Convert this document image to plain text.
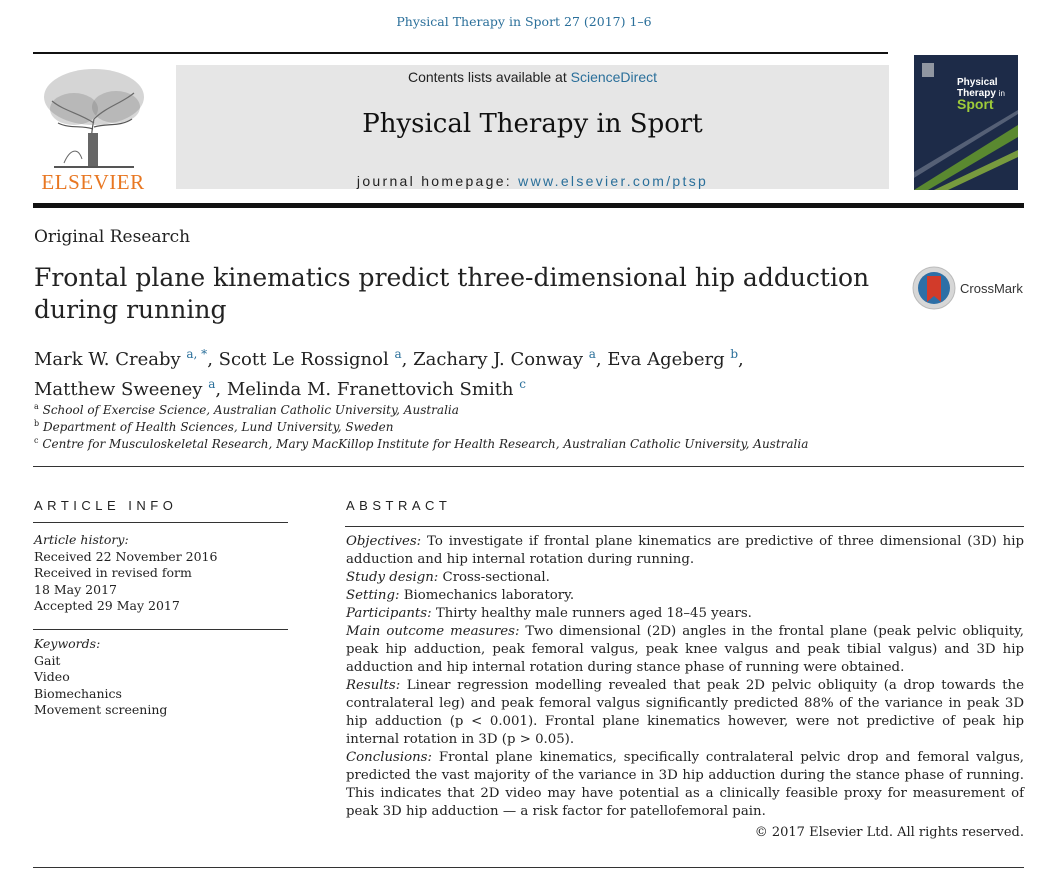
Physical Therapy in Sport 27 (2017) 1–6
ELSEVIER
Contents lists available at ScienceDirect
Physical Therapy in Sport
journal homepage: www.elsevier.com/ptsp
Physical
Therapy in
Sport
Original Research
Frontal plane kinematics predict three-dimensional hip adduction during running
CrossMark
Mark W. Creaby $^{a, *}$, Scott Le Rossignol $^a$, Zachary J. Conway $^a$, Eva Ageberg $^b$,
Matthew Sweeney $^a$, Melinda M. Franettovich Smith $^c$
$^a$ School of Exercise Science, Australian Catholic University, Australia
$^b$ Department of Health Sciences, Lund University, Sweden
$^c$ Centre for Musculoskeletal Research, Mary MacKillop Institute for Health Research, Australian Catholic University, Australia
ARTICLE INFO
Article history:
Received 22 November 2016
Received in revised form
18 May 2017
Accepted 29 May 2017
Keywords:
Gait
Video
Biomechanics
Movement screening
ABSTRACT

Objectives: To investigate if frontal plane kinematics are predictive of three dimensional (3D) hip adduction and hip internal rotation during running.

Study design: Cross-sectional.

Setting: Biomechanics laboratory.

Participants: Thirty healthy male runners aged 18–45 years.

Main outcome measures: Two dimensional (2D) angles in the frontal plane (peak pelvic obliquity, peak hip adduction, peak femoral valgus, peak knee valgus and peak tibial valgus) and 3D hip adduction and hip internal rotation during stance phase of running were obtained.

Results: Linear regression modelling revealed that peak 2D pelvic obliquity (a drop towards the contralateral leg) and peak femoral valgus significantly predicted 88% of the variance in peak 3D hip adduction (p < 0.001). Frontal plane kinematics however, were not predictive of peak hip internal rotation in 3D (p > 0.05).

Conclusions: Frontal plane kinematics, specifically contralateral pelvic drop and femoral valgus, predicted the vast majority of the variance in 3D hip adduction during the stance phase of running. This indicates that 2D video may have potential as a clinically feasible proxy for measurement of peak 3D hip adduction — a risk factor for patellofemoral pain.

© 2017 Elsevier Ltd. All rights reserved.
